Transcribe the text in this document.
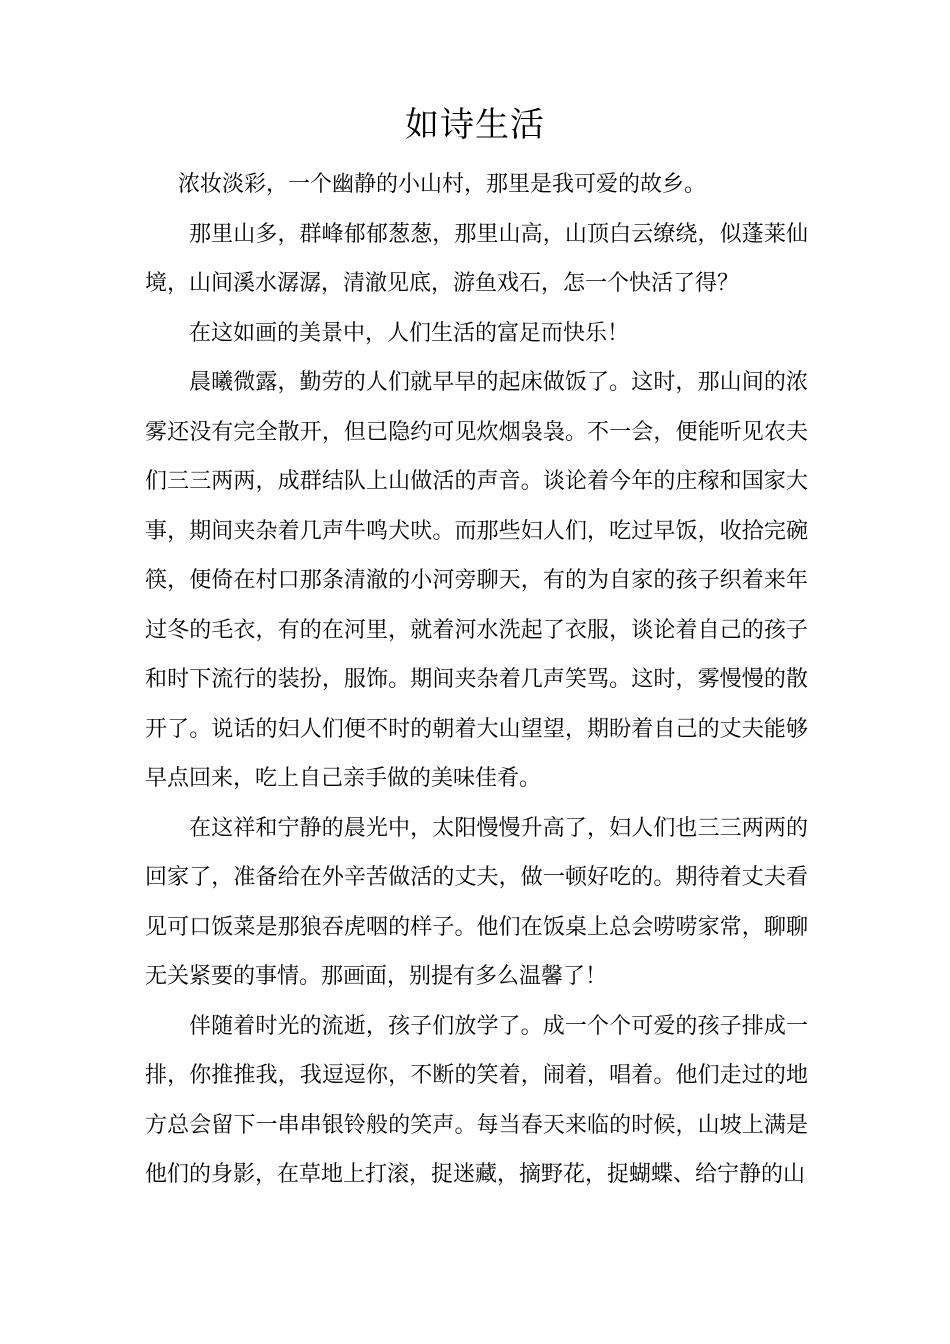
如诗生活

浓妆淡彩，一个幽静的小山村，那里是我可爱的故乡。

那里山多，群峰郁郁葱葱，那里山高，山顶白云缭绕，似蓬莱仙境，山间溪水潺潺，清澈见底，游鱼戏石，怎一个快活了得？

在这如画的美景中，人们生活的富足而快乐！

晨曦微露，勤劳的人们就早早的起床做饭了。这时，那山间的浓雾还没有完全散开，但已隐约可见炊烟袅袅。不一会，便能听见农夫们三三两两，成群结队上山做活的声音。谈论着今年的庄稼和国家大事，期间夹杂着几声牛鸣犬吠。而那些妇人们，吃过早饭，收拾完碗筷，便倚在村口那条清澈的小河旁聊天，有的为自家的孩子织着来年过冬的毛衣，有的在河里，就着河水洗起了衣服，谈论着自己的孩子和时下流行的装扮，服饰。期间夹杂着几声笑骂。这时，雾慢慢的散开了。说话的妇人们便不时的朝着大山望望，期盼着自己的丈夫能够早点回来，吃上自己亲手做的美味佳肴。

在这祥和宁静的晨光中，太阳慢慢升高了，妇人们也三三两两的回家了，准备给在外辛苦做活的丈夫，做一顿好吃的。期待着丈夫看见可口饭菜是那狼吞虎咽的样子。他们在饭桌上总会唠唠家常，聊聊无关紧要的事情。那画面，别提有多么温馨了！

伴随着时光的流逝，孩子们放学了。成一个个可爱的孩子排成一排，你推推我，我逗逗你，不断的笑着，闹着，唱着。他们走过的地方总会留下一串串银铃般的笑声。每当春天来临的时候，山坡上满是他们的身影，在草地上打滚，捉迷藏，摘野花，捉蝴蝶、给宁静的山
